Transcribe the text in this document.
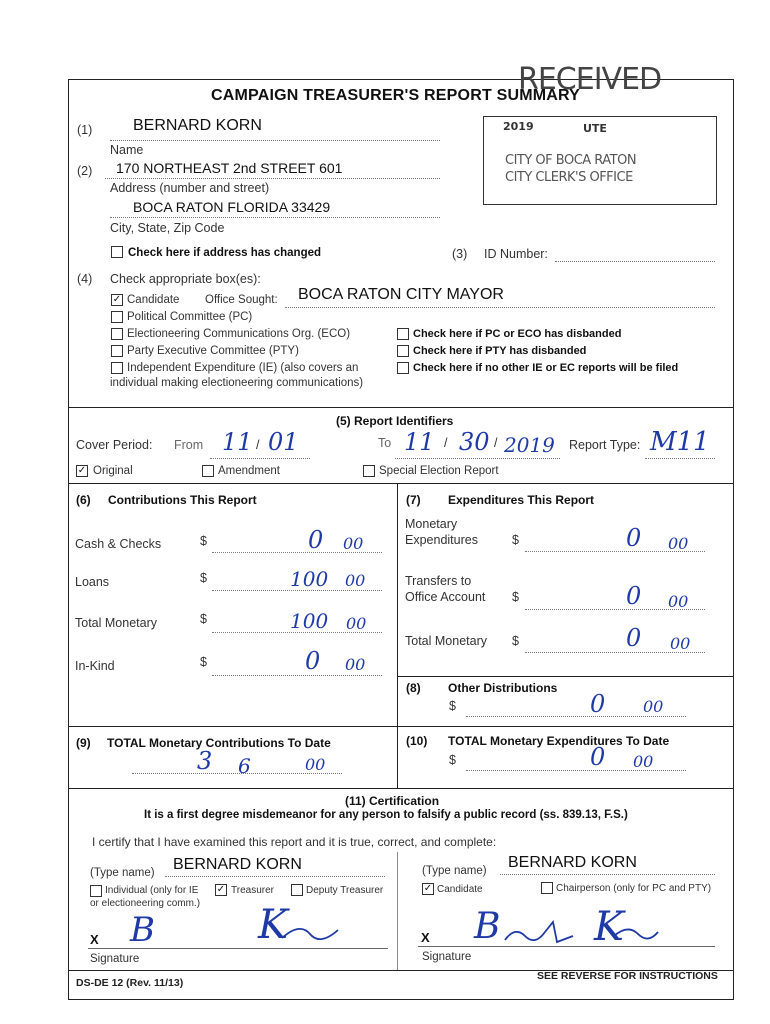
RECEIVED
2019	UTE
CITY OF BOCA RATON
CITY CLERK'S OFFICE
CAMPAIGN TREASURER'S REPORT SUMMARY
(1)	BERNARD KORN
Name
(2) 170 NORTHEAST 2nd STREET 601
Address (number and street)
BOCA RATON FLORIDA 33429
City, State, Zip Code
Check here if address has changed	(3) ID Number:
(4) Check appropriate box(es):
✓ Candidate Office Sought: BOCA RATON CITY MAYOR
Political Committee (PC)
Electioneering Communications Org. (ECO)
Party Executive Committee (PTY)
Independent Expenditure (IE) (also covers an
individual making electioneering communications)
Check here if PC or ECO has disbanded
Check here if PTY has disbanded
Check here if no other IE or EC reports will be filed
(5) Report Identifiers
Cover Period: From 11 / 01	To 11 / 30 / 2019 Report Type: M11
✓ Original	Amendment	Special Election Report
(6) Contributions This Report
Cash & Checks	$	0 00
Loans	$	100 00
Total Monetary	$	100 00
In-Kind	$	0 00
(7) Expenditures This Report
Monetary
Expenditures	$	0 00
Transfers to
Office Account $	0 00
Total Monetary $	0 00
(8) Other Distributions
$	0 00
(9) TOTAL Monetary Contributions To Date
3 6	00
(10) TOTAL Monetary Expenditures To Date
$	0 00
(11) Certification
It is a first degree misdemeanor for any person to falsify a public record (ss. 839.13, F.S.)
I certify that I have examined this report and it is true, correct, and complete:
(Type name) BERNARD KORN
Individual (only for IE
or electioneering comm.)
✓ Treasurer	Deputy Treasurer
X B	K
Signature
(Type name) BERNARD KORN
✓ Candidate	Chairperson (only for PC and PTY)
X B K
Signature
DS-DE 12 (Rev. 11/13)
SEE REVERSE FOR INSTRUCTIONS
